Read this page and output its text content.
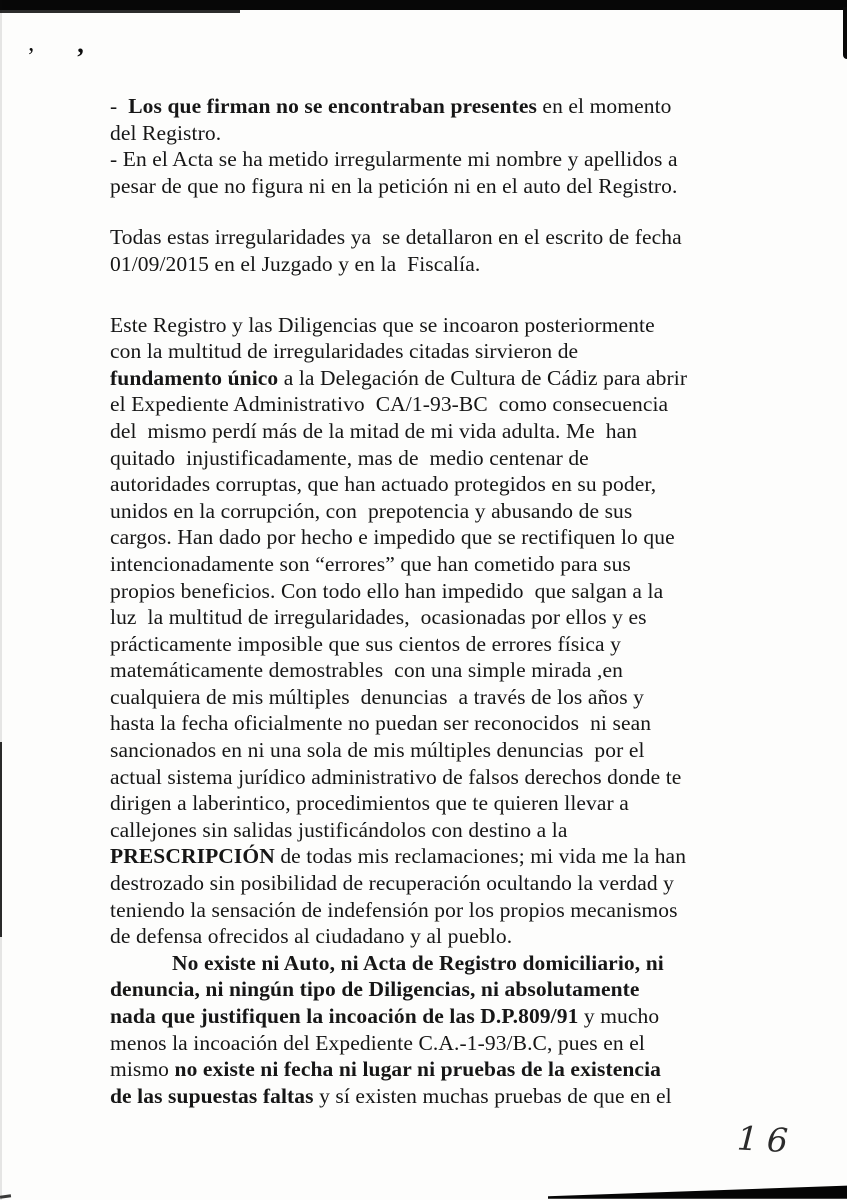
’ ’
-  Los que firman no se encontraban presentes en el momento
del Registro.
- En el Acta se ha metido irregularmente mi nombre y apellidos a
pesar de que no figura ni en la petición ni en el auto del Registro.
Todas estas irregularidades ya  se detallaron en el escrito de fecha
01/09/2015 en el Juzgado y en la  Fiscalía.
Este Registro y las Diligencias que se incoaron posteriormente
con la multitud de irregularidades citadas sirvieron de
fundamento único a la Delegación de Cultura de Cádiz para abrir
el Expediente Administrativo  CA/1-93-BC  como consecuencia
del  mismo perdí más de la mitad de mi vida adulta. Me  han
quitado  injustificadamente, mas de  medio centenar de
autoridades corruptas, que han actuado protegidos en su poder,
unidos en la corrupción, con  prepotencia y abusando de sus
cargos. Han dado por hecho e impedido que se rectifiquen lo que
intencionadamente son “errores” que han cometido para sus
propios beneficios. Con todo ello han impedido  que salgan a la
luz  la multitud de irregularidades,  ocasionadas por ellos y es
prácticamente imposible que sus cientos de errores física y
matemáticamente demostrables  con una simple mirada ,en
cualquiera de mis múltiples  denuncias  a través de los años y
hasta la fecha oficialmente no puedan ser reconocidos  ni sean
sancionados en ni una sola de mis múltiples denuncias  por el
actual sistema jurídico administrativo de falsos derechos donde te
dirigen a laberintico, procedimientos que te quieren llevar a
callejones sin salidas justificándolos con destino a la
PRESCRIPCIÓN de todas mis reclamaciones; mi vida me la han
destrozado sin posibilidad de recuperación ocultando la verdad y
teniendo la sensación de indefensión por los propios mecanismos
de defensa ofrecidos al ciudadano y al pueblo.
No existe ni Auto, ni Acta de Registro domiciliario, ni
denuncia, ni ningún tipo de Diligencias, ni absolutamente
nada que justifiquen la incoación de las D.P.809/91 y mucho
menos la incoación del Expediente C.A.-1-93/B.C, pues en el
mismo no existe ni fecha ni lugar ni pruebas de la existencia
de las supuestas faltas y sí existen muchas pruebas de que en el
16
